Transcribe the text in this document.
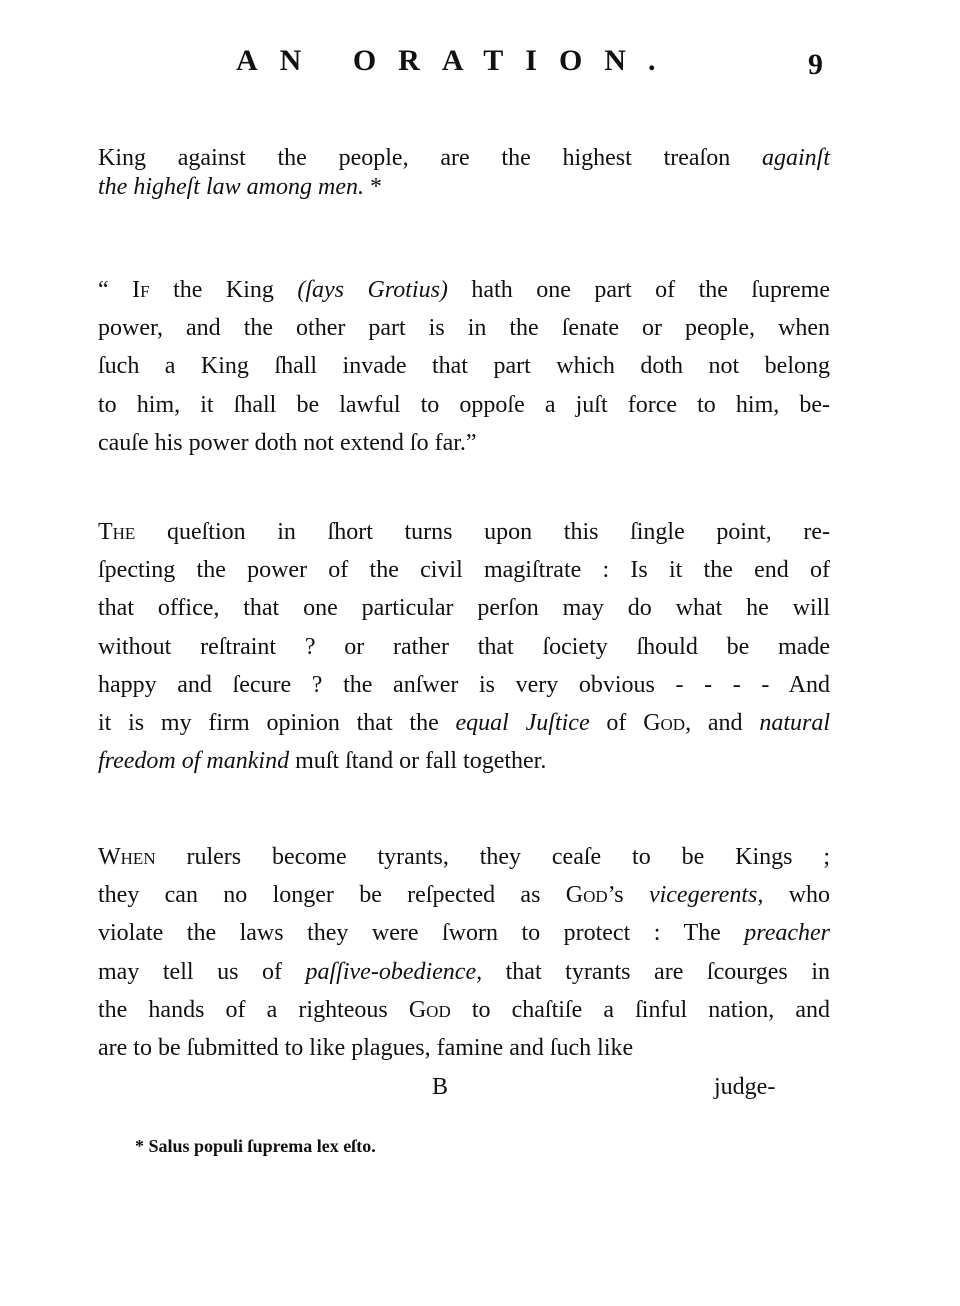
AN ORATION.	9
King against the people, are the highest treaſon againſt
the higheſt law among men. *
“ If the King (ſays Grotius) hath one part of the ſupreme
power, and the other part is in the ſenate or people, when
ſuch a King ſhall invade that part which doth not belong
to him, it ſhall be lawful to oppoſe a juſt force to him, be-
cauſe his power doth not extend ſo far.”
The queſtion in ſhort turns upon this ſingle point, re-
ſpecting the power of the civil magiſtrate : Is it the end of
that office, that one particular perſon may do what he will
without reſtraint ? or rather that ſociety ſhould be made
happy and ſecure ? the anſwer is very obvious - - - - And
it is my firm opinion that the equal Juſtice of God, and natural
freedom of mankind muſt ſtand or fall together.
When rulers become tyrants, they ceaſe to be Kings ;
they can no longer be reſpected as God’s vicegerents, who
violate the laws they were ſworn to protect : The preacher
may tell us of paſſive-obedience, that tyrants are ſcourges in
the hands of a righteous God to chaſtiſe a ſinful nation, and
are to be ſubmitted to like plagues, famine and ſuch like
B	judge-
* Salus populi ſuprema lex eſto.
